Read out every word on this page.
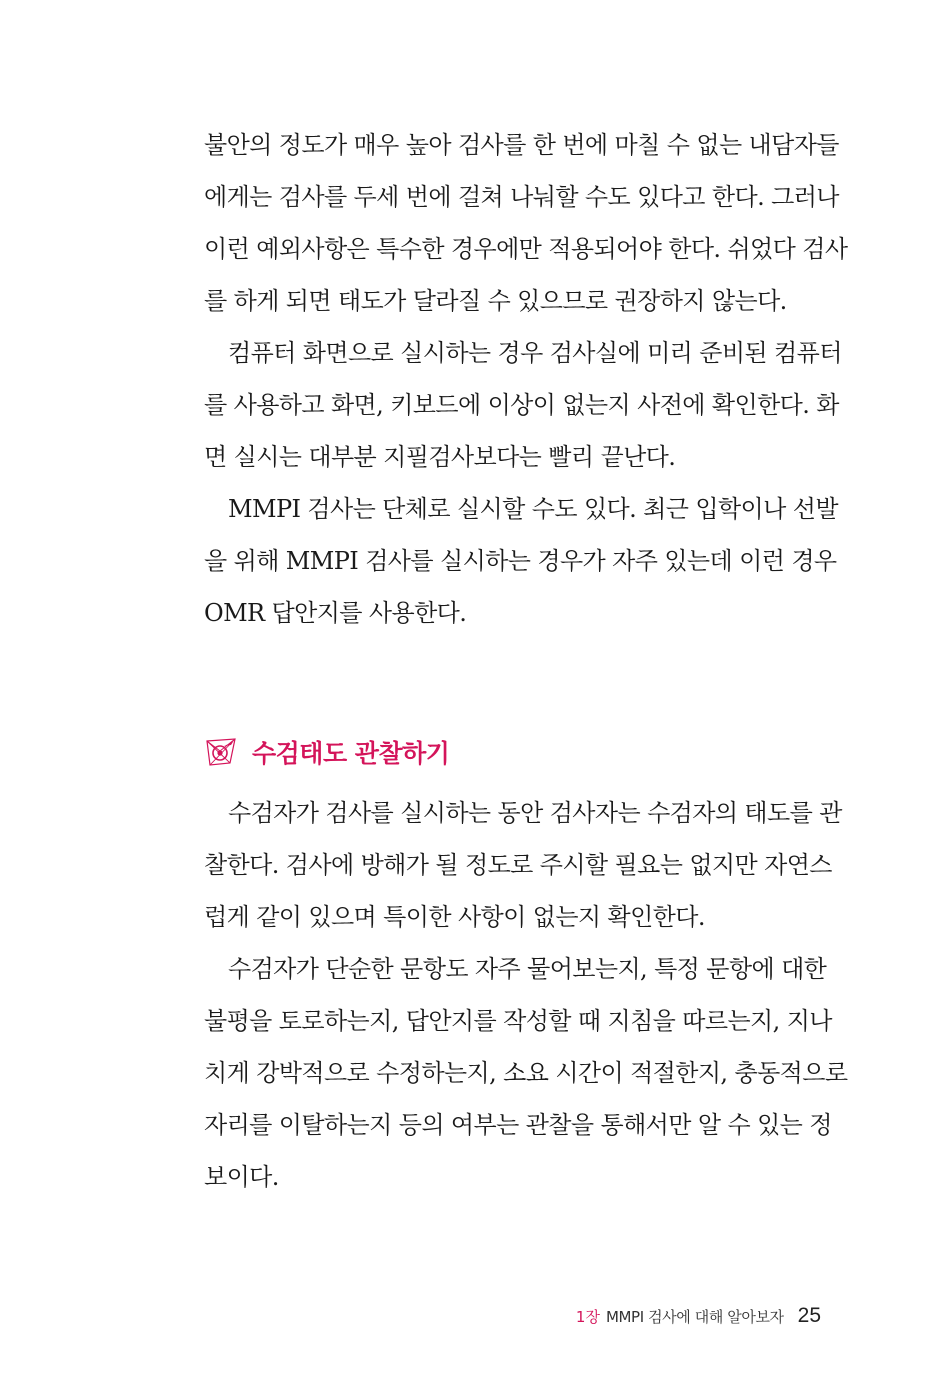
불안의 정도가 매우 높아 검사를 한 번에 마칠 수 없는 내담자들
에게는 검사를 두세 번에 걸쳐 나눠할 수도 있다고 한다. 그러나
이런 예외사항은 특수한 경우에만 적용되어야 한다. 쉬었다 검사
를 하게 되면 태도가 달라질 수 있으므로 권장하지 않는다.
컴퓨터 화면으로 실시하는 경우 검사실에 미리 준비된 컴퓨터
를 사용하고 화면, 키보드에 이상이 없는지 사전에 확인한다. 화
면 실시는 대부분 지필검사보다는 빨리 끝난다.
MMPI 검사는 단체로 실시할 수도 있다. 최근 입학이나 선발
을 위해 MMPI 검사를 실시하는 경우가 자주 있는데 이런 경우
OMR 답안지를 사용한다.
수검태도 관찰하기
수검자가 검사를 실시하는 동안 검사자는 수검자의 태도를 관
찰한다. 검사에 방해가 될 정도로 주시할 필요는 없지만 자연스
럽게 같이 있으며 특이한 사항이 없는지 확인한다.
수검자가 단순한 문항도 자주 물어보는지, 특정 문항에 대한
불평을 토로하는지, 답안지를 작성할 때 지침을 따르는지, 지나
치게 강박적으로 수정하는지, 소요 시간이 적절한지, 충동적으로
자리를 이탈하는지 등의 여부는 관찰을 통해서만 알 수 있는 정
보이다.
1장 MMPI 검사에 대해 알아보자 25
